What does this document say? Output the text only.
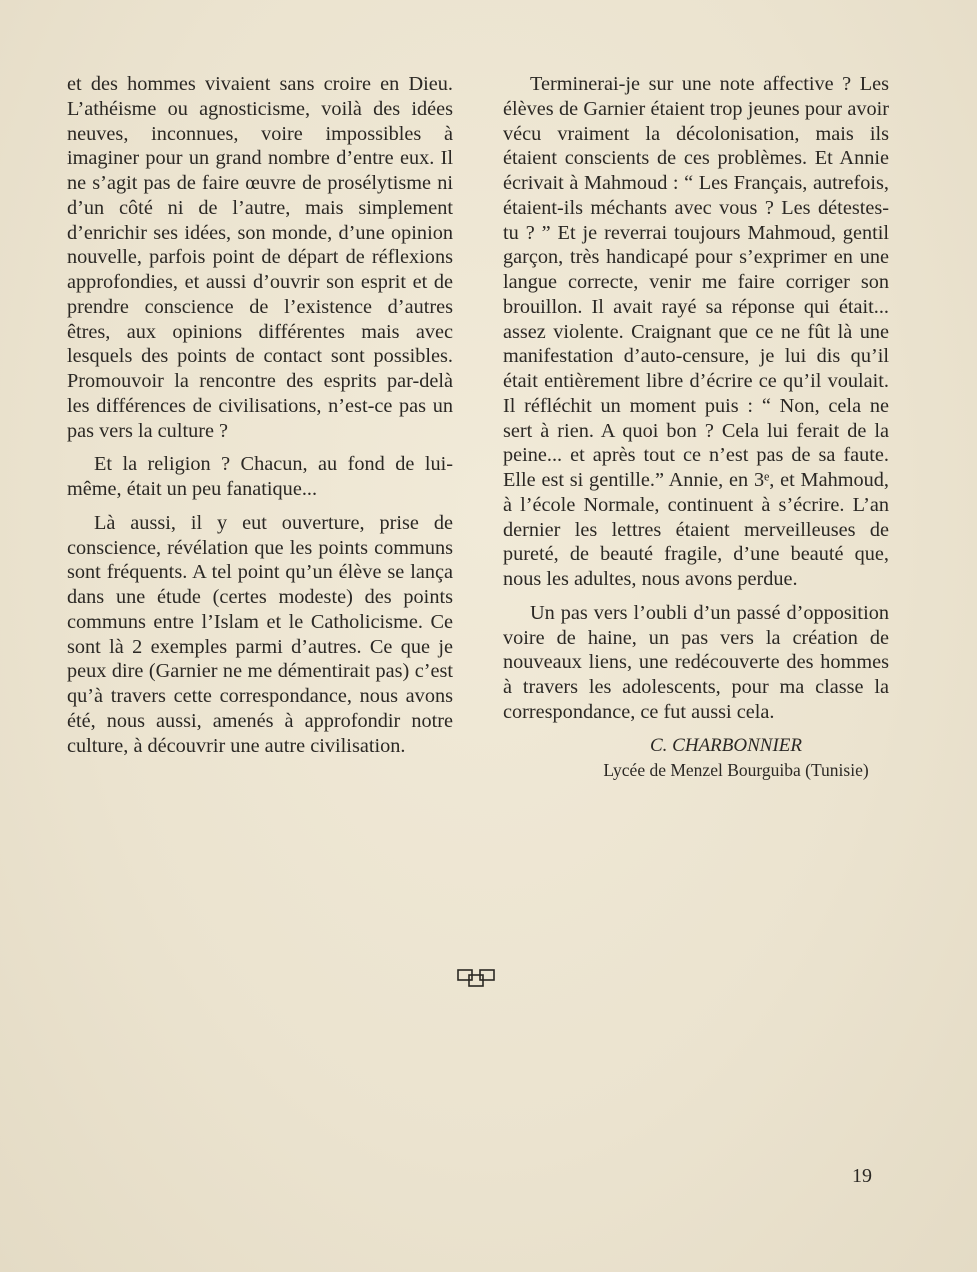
et des hommes vivaient sans croire en Dieu. L’athéisme ou agnosticisme, voilà des idées neuves, inconnues, voire impossibles à imaginer pour un grand nombre d’entre eux. Il ne s’agit pas de faire œuvre de prosélytisme ni d’un côté ni de l’autre, mais simplement d’enrichir ses idées, son monde, d’une opinion nouvelle, parfois point de départ de réflexions approfondies, et aussi d’ouvrir son esprit et de prendre conscience de l’existence d’autres êtres, aux opinions différentes mais avec lesquels des points de contact sont possibles. Promouvoir la rencontre des esprits par-delà les différences de civilisations, n’est-ce pas un pas vers la culture ?

Et la religion ? Chacun, au fond de lui-même, était un peu fanatique...

Là aussi, il y eut ouverture, prise de conscience, révélation que les points communs sont fréquents. A tel point qu’un élève se lança dans une étude (certes modeste) des points communs entre l’Islam et le Catholicisme. Ce sont là 2 exemples parmi d’autres. Ce que je peux dire (Garnier ne me démentirait pas) c’est qu’à travers cette correspondance, nous avons été, nous aussi, amenés à approfondir notre culture, à découvrir une autre civilisation.

Terminerai-je sur une note affective ? Les élèves de Garnier étaient trop jeunes pour avoir vécu vraiment la décolonisation, mais ils étaient conscients de ces problèmes. Et Annie écrivait à Mahmoud : “ Les Français, autrefois, étaient-ils méchants avec vous ? Les détestes-tu ? ” Et je reverrai toujours Mahmoud, gentil garçon, très handicapé pour s’exprimer en une langue correcte, venir me faire corriger son brouillon. Il avait rayé sa réponse qui était... assez violente. Craignant que ce ne fût là une manifestation d’auto-censure, je lui dis qu’il était entièrement libre d’écrire ce qu’il voulait. Il réfléchit un moment puis : “ Non, cela ne sert à rien. A quoi bon ? Cela lui ferait de la peine... et après tout ce n’est pas de sa faute. Elle est si gentille.” Annie, en 3ᵉ, et Mahmoud, à l’école Normale, continuent à s’écrire. L’an dernier les lettres étaient merveilleuses de pureté, de beauté fragile, d’une beauté que, nous les adultes, nous avons perdue.

Un pas vers l’oubli d’un passé d’opposition voire de haine, un pas vers la création de nouveaux liens, une redécouverte des hommes à travers les adolescents, pour ma classe la correspondance, ce fut aussi cela.

C. CHARBONNIER

Lycée de Menzel Bourguiba (Tunisie)

19
